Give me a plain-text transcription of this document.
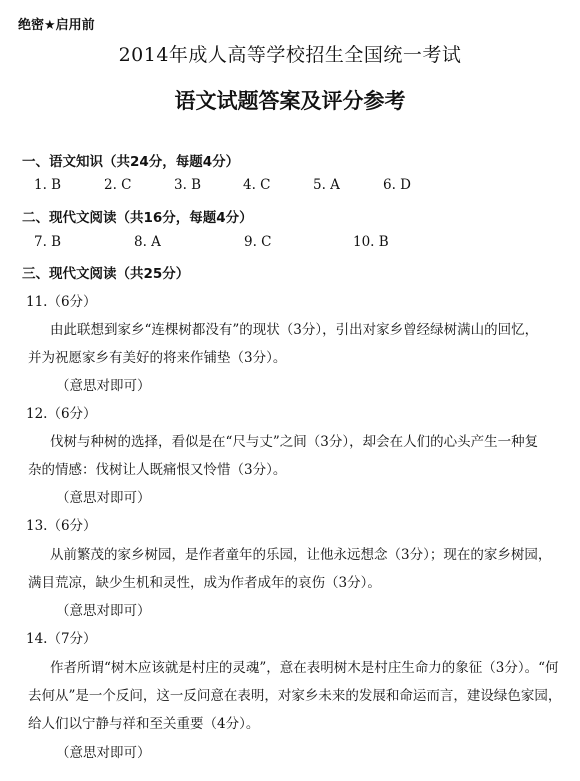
绝密★启用前
2014年成人高等学校招生全国统一考试
语文试题答案及评分参考
一、语文知识（共24分，每题4分）
1. B	2. C	3. B	4. C	5. A	6. D
二、现代文阅读（共16分，每题4分）
7. B	8. A	9. C	10. B
三、现代文阅读（共25分）
11.（6分）
由此联想到家乡“连棵树都没有”的现状（3分），引出对家乡曾经绿树满山的回忆，
并为祝愿家乡有美好的将来作铺垫（3分）。
（意思对即可）
12.（6分）
伐树与种树的选择，看似是在“尺与丈”之间（3分），却会在人们的心头产生一种复
杂的情感：伐树让人既痛恨又怜惜（3分）。
（意思对即可）
13.（6分）
从前繁茂的家乡树园，是作者童年的乐园，让他永远想念（3分）；现在的家乡树园，
满目荒凉，缺少生机和灵性，成为作者成年的哀伤（3分）。
（意思对即可）
14.（7分）
作者所谓“树木应该就是村庄的灵魂”，意在表明树木是村庄生命力的象征（3分）。“何
去何从”是一个反问，这一反问意在表明，对家乡未来的发展和命运而言，建设绿色家园，
给人们以宁静与祥和至关重要（4分）。
（意思对即可）
